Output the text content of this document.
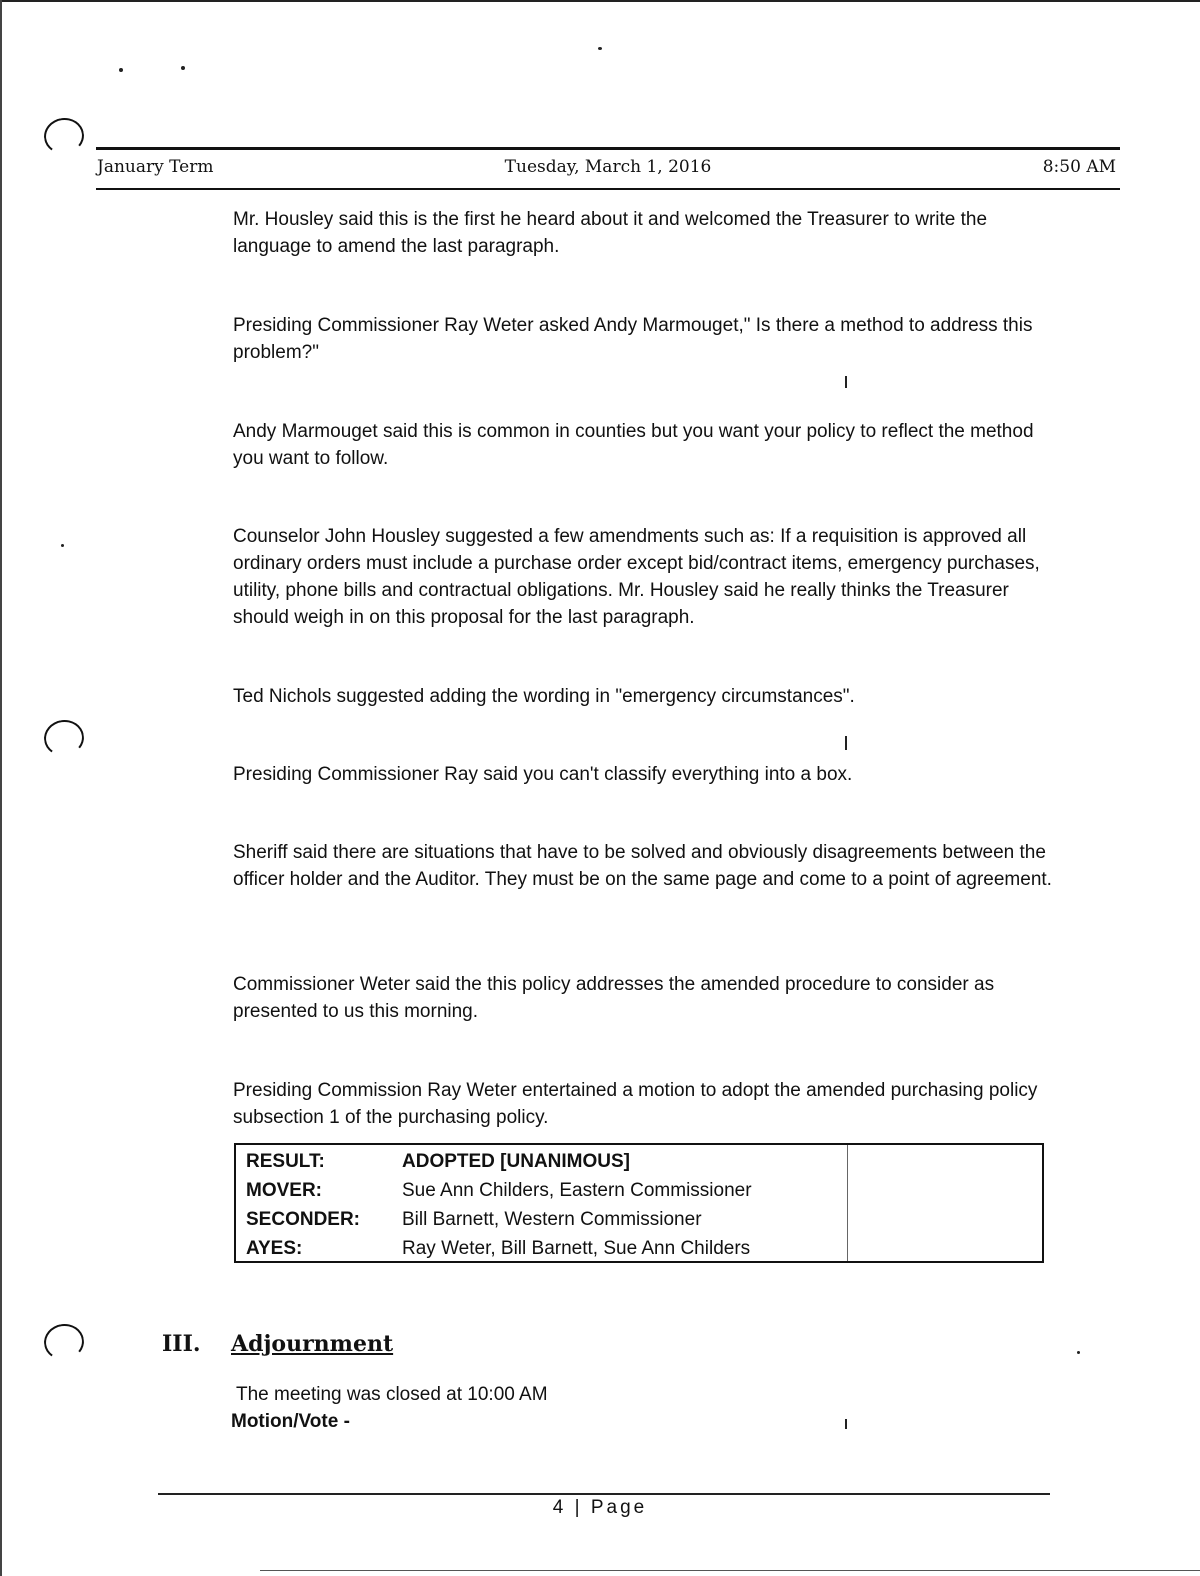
January Term	Tuesday, March 1, 2016	8:50 AM

Mr. Housley said this is the first he heard about it and welcomed the Treasurer to write the language to amend the last paragraph.

Presiding Commissioner Ray Weter asked Andy Marmouget," Is there a method to address this problem?"

Andy Marmouget said this is common in counties but you want your policy to reflect the method you want to follow.

Counselor John Housley suggested a few amendments such as: If a requisition is approved all ordinary orders must include a purchase order except bid/contract items, emergency purchases, utility, phone bills and contractual obligations. Mr. Housley said he really thinks the Treasurer should weigh in on this proposal for the last paragraph.

Ted Nichols suggested adding the wording in "emergency circumstances".

Presiding Commissioner Ray said you can't classify everything into a box.

Sheriff said there are situations that have to be solved and obviously disagreements between the officer holder and the Auditor. They must be on the same page and come to a point of agreement.

Commissioner Weter said the this policy addresses the amended procedure to consider as presented to us this morning.

Presiding Commission Ray Weter entertained a motion to adopt the amended purchasing policy subsection 1 of the purchasing policy.

RESULT:	ADOPTED [UNANIMOUS]
MOVER:	Sue Ann Childers, Eastern Commissioner
SECONDER: Bill Barnett, Western Commissioner
AYES:	Ray Weter, Bill Barnett, Sue Ann Childers
III. Adjournment
The meeting was closed at 10:00 AM
Motion/Vote -
4 | Page
